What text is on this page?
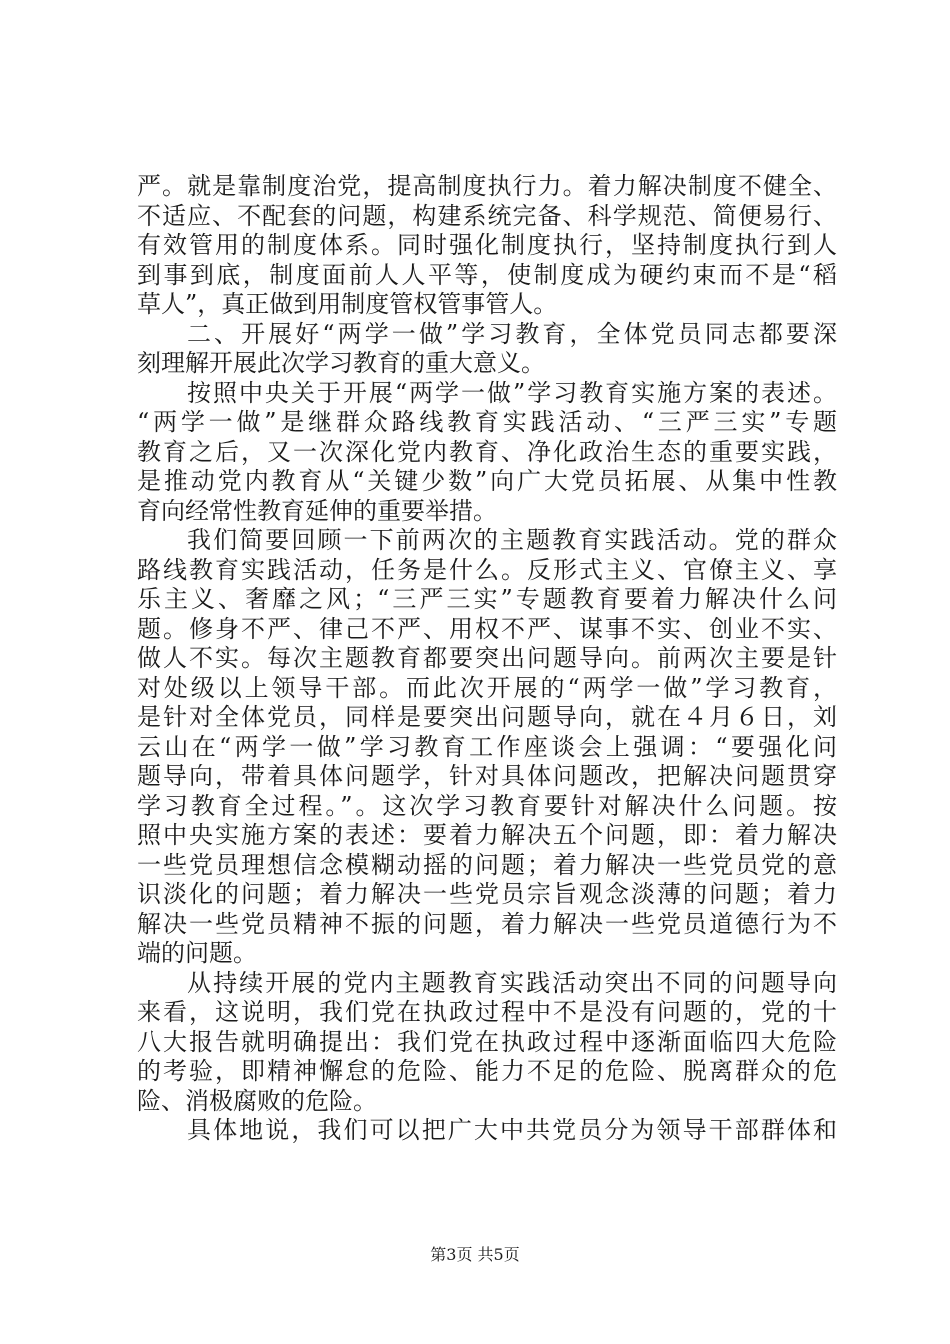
严。就是靠制度治党，提高制度执行力。着力解决制度不健全、
不适应、不配套的问题，构建系统完备、科学规范、简便易行、
有效管用的制度体系。同时强化制度执行，坚持制度执行到人
到事到底，制度面前人人平等，使制度成为硬约束而不是“稻
草人”，真正做到用制度管权管事管人。
二、开展好“两学一做”学习教育，全体党员同志都要深
刻理解开展此次学习教育的重大意义。
按照中央关于开展“两学一做”学习教育实施方案的表述。
“两学一做”是继群众路线教育实践活动、“三严三实”专题
教育之后，又一次深化党内教育、净化政治生态的重要实践，
是推动党内教育从“关键少数”向广大党员拓展、从集中性教
育向经常性教育延伸的重要举措。
我们简要回顾一下前两次的主题教育实践活动。党的群众
路线教育实践活动，任务是什么。反形式主义、官僚主义、享
乐主义、奢靡之风；“三严三实”专题教育要着力解决什么问
题。修身不严、律己不严、用权不严、谋事不实、创业不实、
做人不实。每次主题教育都要突出问题导向。前两次主要是针
对处级以上领导干部。而此次开展的“两学一做”学习教育，
是针对全体党员，同样是要突出问题导向，就在４月６日，刘
云山在“两学一做”学习教育工作座谈会上强调：“要强化问
题导向，带着具体问题学，针对具体问题改，把解决问题贯穿
学习教育全过程。”。这次学习教育要针对解决什么问题。按
照中央实施方案的表述：要着力解决五个问题，即：着力解决
一些党员理想信念模糊动摇的问题；着力解决一些党员党的意
识淡化的问题；着力解决一些党员宗旨观念淡薄的问题；着力
解决一些党员精神不振的问题，着力解决一些党员道德行为不
端的问题。
从持续开展的党内主题教育实践活动突出不同的问题导向
来看，这说明，我们党在执政过程中不是没有问题的，党的十
八大报告就明确提出：我们党在执政过程中逐渐面临四大危险
的考验，即精神懈怠的危险、能力不足的危险、脱离群众的危
险、消极腐败的危险。
具体地说，我们可以把广大中共党员分为领导干部群体和
第3页 共5页
